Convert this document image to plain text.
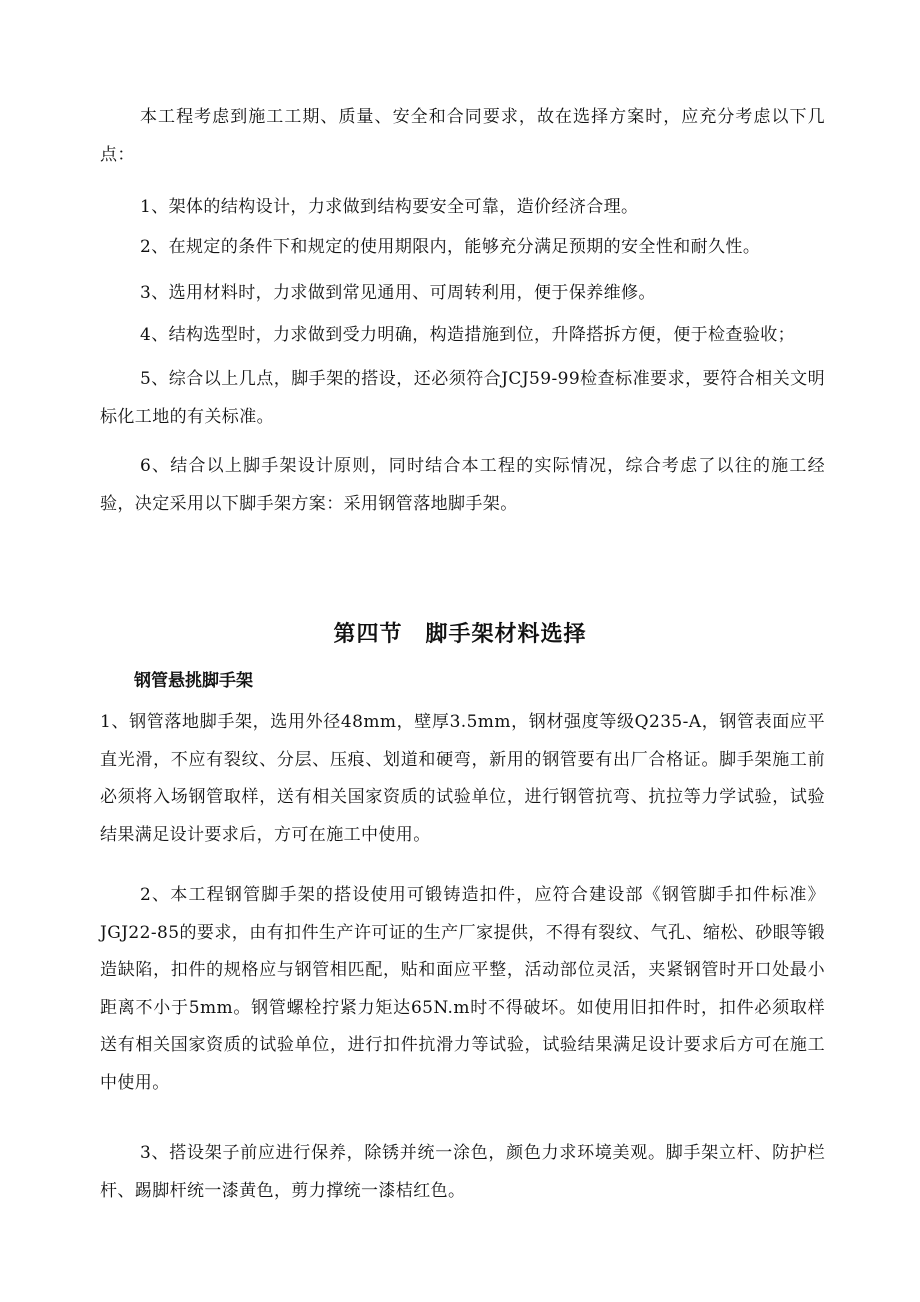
本工程考虑到施工工期、质量、安全和合同要求，故在选择方案时，应充分考虑以下几点：
1、架体的结构设计，力求做到结构要安全可靠，造价经济合理。
2、在规定的条件下和规定的使用期限内，能够充分满足预期的安全性和耐久性。
3、选用材料时，力求做到常见通用、可周转利用，便于保养维修。
4、结构选型时，力求做到受力明确，构造措施到位，升降搭拆方便，便于检查验收；
5、综合以上几点，脚手架的搭设，还必须符合JCJ59-99检查标准要求，要符合相关文明标化工地的有关标准。
6、结合以上脚手架设计原则，同时结合本工程的实际情况，综合考虑了以往的施工经验，决定采用以下脚手架方案：采用钢管落地脚手架。
第四节　脚手架材料选择
钢管悬挑脚手架
1、钢管落地脚手架，选用外径48mm，壁厚3.5mm，钢材强度等级Q235-A，钢管表面应平直光滑，不应有裂纹、分层、压痕、划道和硬弯，新用的钢管要有出厂合格证。脚手架施工前必须将入场钢管取样，送有相关国家资质的试验单位，进行钢管抗弯、抗拉等力学试验，试验结果满足设计要求后，方可在施工中使用。
2、本工程钢管脚手架的搭设使用可锻铸造扣件，应符合建设部《钢管脚手扣件标准》JGJ22-85的要求，由有扣件生产许可证的生产厂家提供，不得有裂纹、气孔、缩松、砂眼等锻造缺陷，扣件的规格应与钢管相匹配，贴和面应平整，活动部位灵活，夹紧钢管时开口处最小距离不小于5mm。钢管螺栓拧紧力矩达65N.m时不得破坏。如使用旧扣件时，扣件必须取样送有相关国家资质的试验单位，进行扣件抗滑力等试验，试验结果满足设计要求后方可在施工中使用。
3、搭设架子前应进行保养，除锈并统一涂色，颜色力求环境美观。脚手架立杆、防护栏杆、踢脚杆统一漆黄色，剪力撑统一漆桔红色。
